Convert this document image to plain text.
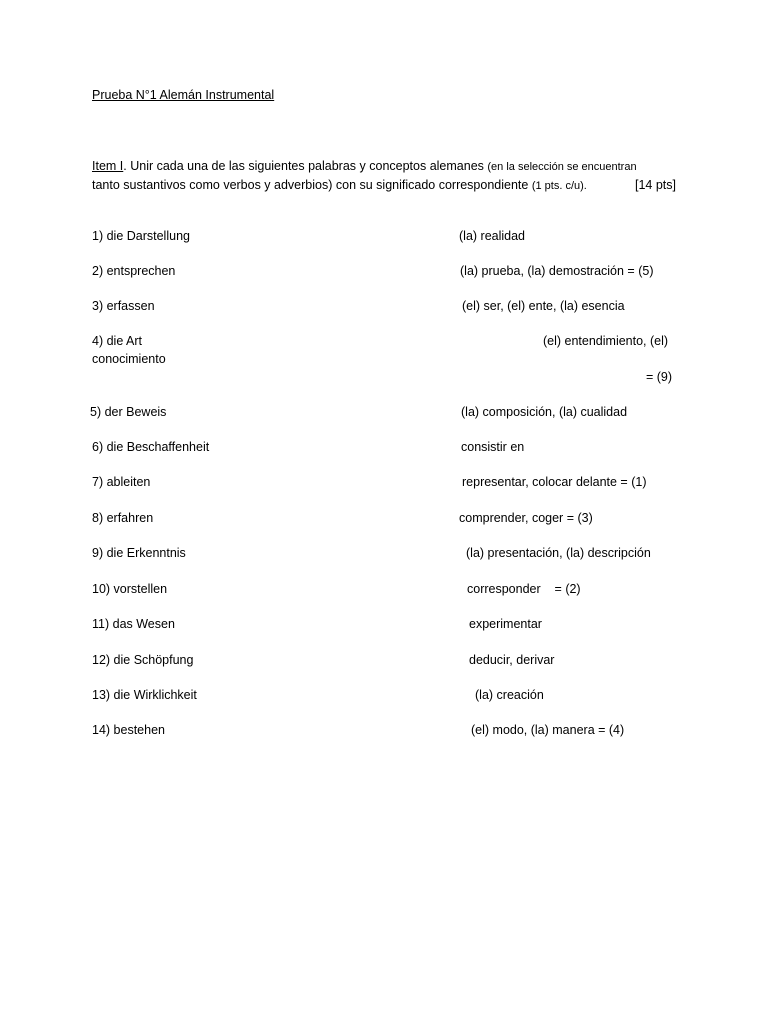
Prueba N°1 Alemán Instrumental
Item I. Unir cada una de las siguientes palabras y conceptos alemanes (en la selección se encuentran
tanto sustantivos como verbos y adverbios) con su significado correspondiente (1 pts. c/u).	[14 pts]
1) die Darstellung
2) entsprechen
3) erfassen
4) die Art
conocimiento
5) der Beweis
6) die Beschaffenheit
7) ableiten
8) erfahren
9) die Erkenntnis
10) vorstellen
11) das Wesen
12) die Schöpfung
13) die Wirklichkeit
14) bestehen
(la) realidad
(la) prueba, (la) demostración = (5)
(el) ser, (el) ente, (la) esencia
(el) entendimiento, (el)
= (9)
(la) composición, (la) cualidad
consistir en
representar, colocar delante = (1)
comprender, coger = (3)
(la) presentación, (la) descripción
corresponder    = (2)
experimentar
deducir, derivar
(la) creación
(el) modo, (la) manera = (4)
